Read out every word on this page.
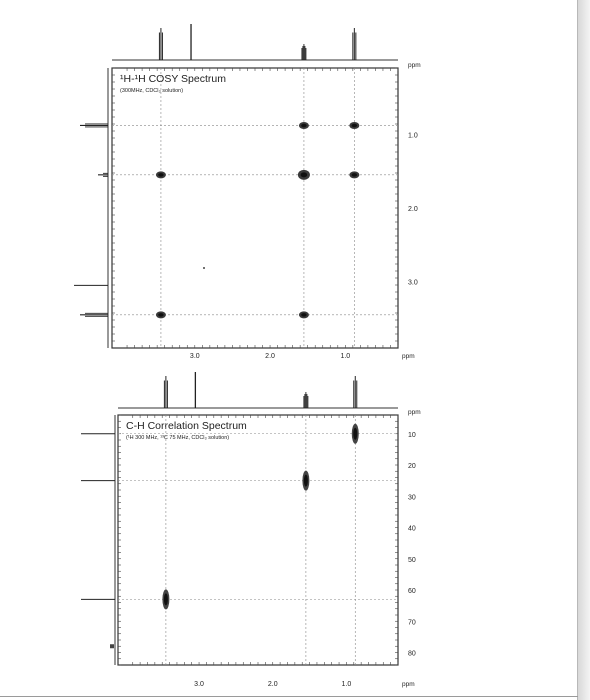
¹H-¹H COSY Spectrum
(300MHz, CDCl₃ solution)
ppm
ppm
3.0	2.0	1.0
1.0
2.0
3.0
C-H Correlation Spectrum
(¹H 300 MHz, ¹³C 75 MHz, CDCl₃ solution)
ppm
ppm
3.0	2.0	1.0
10
20
30
40
50
60
70
80
